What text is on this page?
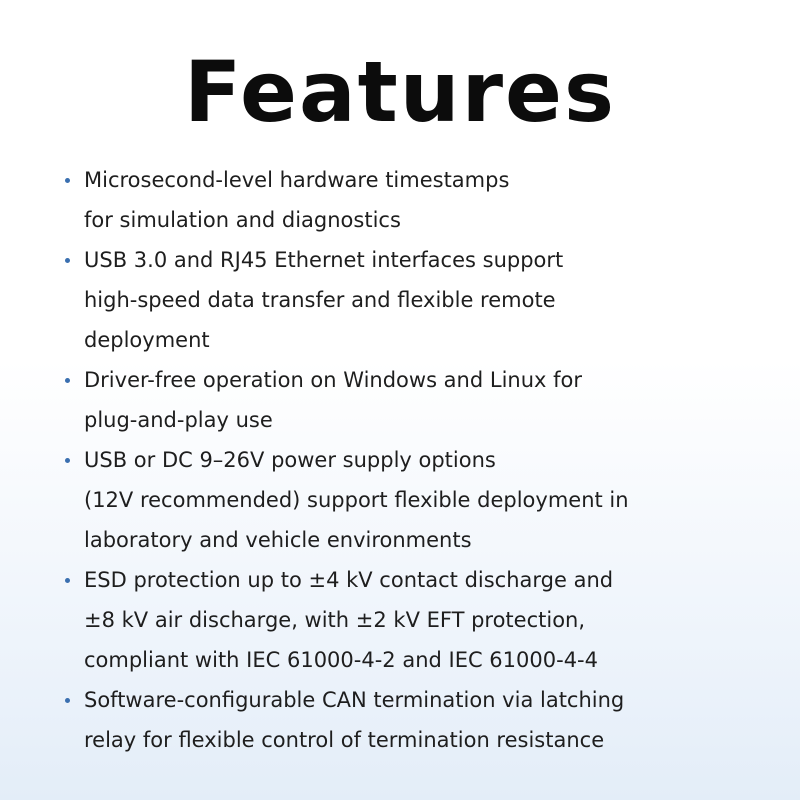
Features
Microsecond-level hardware timestamps
for simulation and diagnostics
USB 3.0 and RJ45 Ethernet interfaces support
high-speed data transfer and flexible remote
deployment
Driver-free operation on Windows and Linux for
plug-and-play use
USB or DC 9–26V power supply options
(12V recommended) support flexible deployment in
laboratory and vehicle environments
ESD protection up to ±4 kV contact discharge and
±8 kV air discharge, with ±2 kV EFT protection,
compliant with IEC 61000-4-2 and IEC 61000-4-4
Software-configurable CAN termination via latching
relay for flexible control of termination resistance
